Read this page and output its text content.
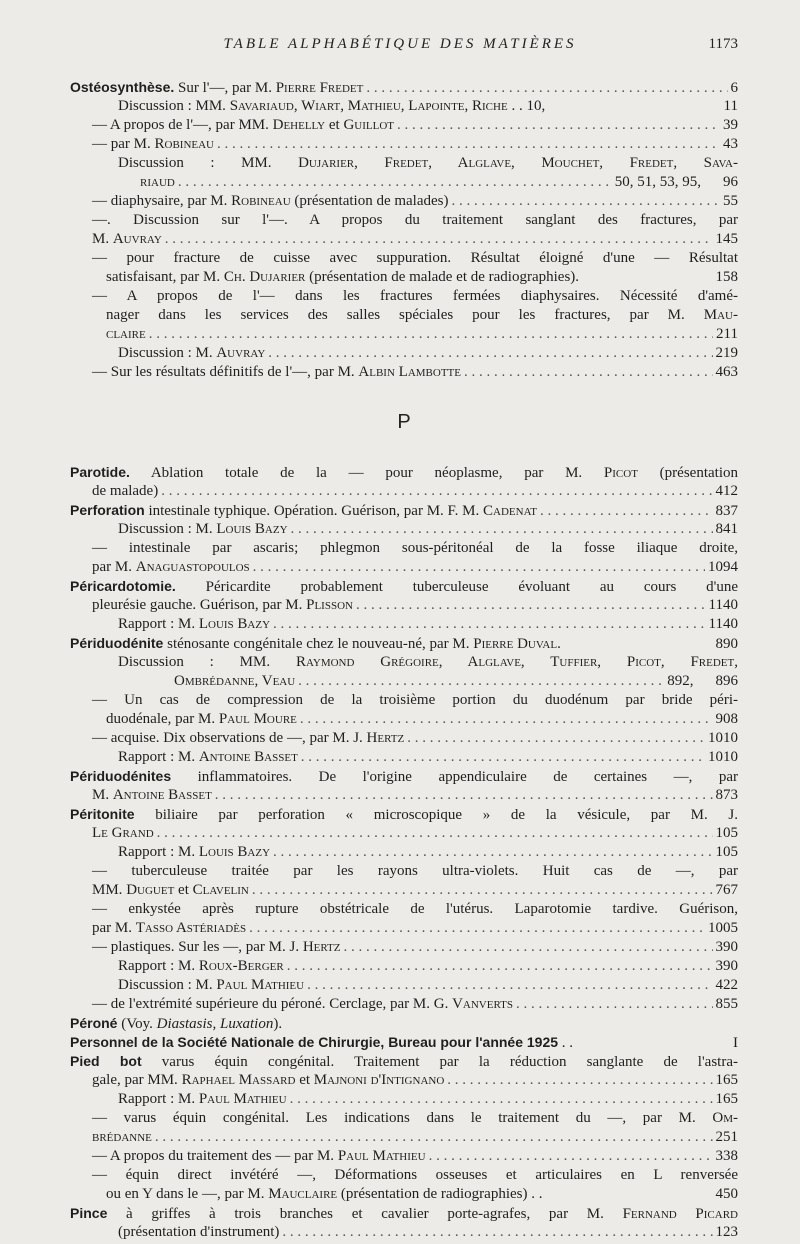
TABLE ALPHABÉTIQUE DES MATIÈRES	1173
Ostéosynthèse. Sur l'—, par M. Pierre Fredet . . .	6
Discussion : MM. Savariaud, Wiart, Mathieu, Lapointe, Riche . . 10,	11
— A propos de l'—, par MM. Dehelly et Guillot . . .	39
— par M. Robineau . . .	43
Discussion : MM. Dujarier, Fredet, Alglave, Mouchet, Fredet, Sava-
riaud . . .	50, 51, 53, 95, 96
— diaphysaire, par M. Robineau (présentation de malades) . . .	55
—. Discussion sur l'—. A propos du traitement sanglant des fractures, par
M. Auvray . . .	145
— pour fracture de cuisse avec suppuration. Résultat éloigné d'une — Résultat
satisfaisant, par M. Ch. Dujarier (présentation de malade et de radiographies).	158
— A propos de l'— dans les fractures fermées diaphysaires. Nécessité d'amé-
nager dans les services des salles spéciales pour les fractures, par M. Mau-
claire . . .	211
Discussion : M. Auvray . . .	219
— Sur les résultats définitifs de l'—, par M. Albin Lambotte . . .	463
P
Parotide. Ablation totale de la — pour néoplasme, par M. Picot (présentation
de malade) . . .	412
Perforation intestinale typhique. Opération. Guérison, par M. F. M. Cadenat . . .	837
Discussion : M. Louis Bazy . . .	841
— intestinale par ascaris; phlegmon sous-péritonéal de la fosse iliaque droite,
par M. Anaguastopoulos . . .	1094
Péricardotomie. Péricardite probablement tuberculeuse évoluant au cours d'une
pleurésie gauche. Guérison, par M. Plisson . . .	1140
Rapport : M. Louis Bazy . . .	1140
Périduodénite sténosante congénitale chez le nouveau-né, par M. Pierre Duval.	890
Discussion : MM. Raymond Grégoire, Alglave, Tuffier, Picot, Fredet,
Ombrédanne, Veau . . .	892, 896
— Un cas de compression de la troisième portion du duodénum par bride péri-
duodénale, par M. Paul Moure . . .	908
— acquise. Dix observations de —, par M. J. Hertz . . .	1010
Rapport : M. Antoine Basset . . .	1010
Périduodénites inflammatoires. De l'origine appendiculaire de certaines —, par
M. Antoine Basset . . .	873
Péritonite biliaire par perforation « microscopique » de la vésicule, par M. J.
Le Grand . . .	105
Rapport : M. Louis Bazy . . .	105
— tuberculeuse traitée par les rayons ultra-violets. Huit cas de —, par
MM. Duguet et Clavelin . . .	767
— enkystée après rupture obstétricale de l'utérus. Laparotomie tardive. Guérison,
par M. Tasso Astériadès . . .	1005
— plastiques. Sur les —, par M. J. Hertz . . .	390
Rapport : M. Roux-Berger . . .	390
Discussion : M. Paul Mathieu . . .	422
— de l'extrémité supérieure du péroné. Cerclage, par M. G. Vanverts . . .	855
Péroné (Voy. Diastasis, Luxation).
Personnel de la Société Nationale de Chirurgie, Bureau pour l'année 1925 . .	I
Pied bot varus équin congénital. Traitement par la réduction sanglante de l'astra-
gale, par MM. Raphael Massard et Majnoni d'Intignano . . .	165
Rapport : M. Paul Mathieu . . .	165
— varus équin congénital. Les indications dans le traitement du —, par M. Om-
brédanne . . .	251
— A propos du traitement des — par M. Paul Mathieu . . .	338
— équin direct invétéré —, Déformations osseuses et articulaires en L renversée
ou en Y dans le —, par M. Mauclaire (présentation de radiographies) . .	450
Pince à griffes à trois branches et cavalier porte-agrafes, par M. Fernand Picard
(présentation d'instrument) . . .	123
